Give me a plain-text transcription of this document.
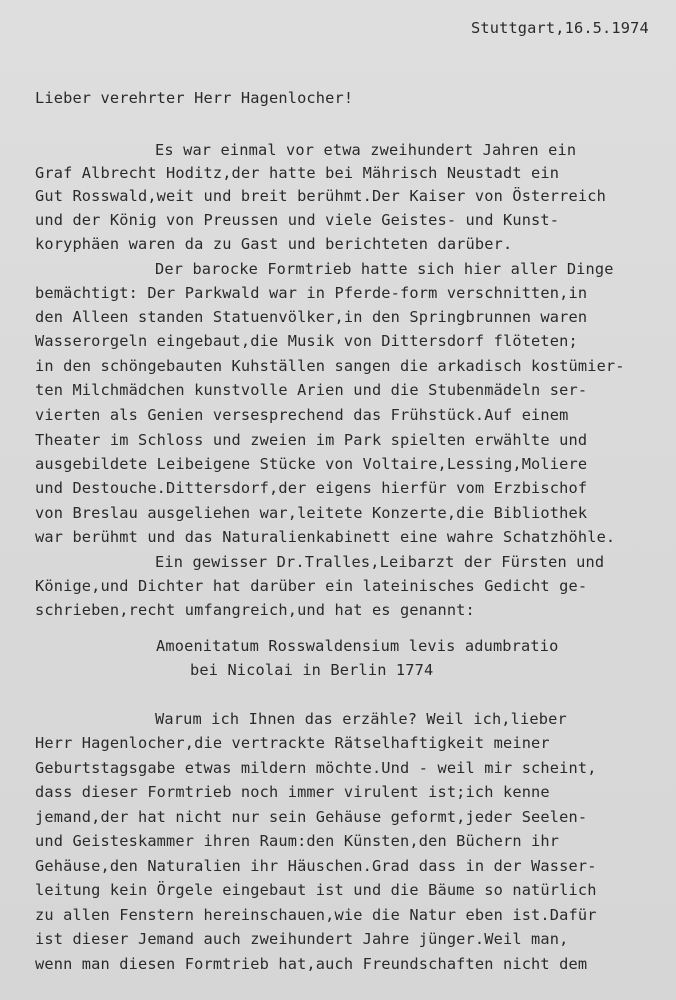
Stuttgart,16.5.1974
Lieber verehrter Herr Hagenlocher!
Es war einmal vor etwa zweihundert Jahren ein
Graf Albrecht Hoditz,der hatte bei Mährisch Neustadt ein
Gut Rosswald,weit und breit berühmt.Der Kaiser von Österreich
und der König von Preussen und viele Geistes- und Kunst-
koryphäen waren da zu Gast und berichteten darüber.
Der barocke Formtrieb hatte sich hier aller Dinge
bemächtigt: Der Parkwald war in Pferde-form verschnitten,in
den Alleen standen Statuenvölker,in den Springbrunnen waren
Wasserorgeln eingebaut,die Musik von Dittersdorf flöteten;
in den schöngebauten Kuhställen sangen die arkadisch kostümier-
ten Milchmädchen kunstvolle Arien und die Stubenmädeln ser-
vierten als Genien versesprechend das Frühstück.Auf einem
Theater im Schloss und zweien im Park spielten erwählte und
ausgebildete Leibeigene Stücke von Voltaire,Lessing,Moliere
und Destouche.Dittersdorf,der eigens hierfür vom Erzbischof
von Breslau ausgeliehen war,leitete Konzerte,die Bibliothek
war berühmt und das Naturalienkabinett eine wahre Schatzhöhle.
Ein gewisser Dr.Tralles,Leibarzt der Fürsten und
Könige,und Dichter hat darüber ein lateinisches Gedicht ge-
schrieben,recht umfangreich,und hat es genannt:
Amoenitatum Rosswaldensium levis adumbratio
bei Nicolai in Berlin 1774
Warum ich Ihnen das erzähle? Weil ich,lieber
Herr Hagenlocher,die vertrackte Rätselhaftigkeit meiner
Geburtstagsgabe etwas mildern möchte.Und - weil mir scheint,
dass dieser Formtrieb noch immer virulent ist;ich kenne
jemand,der hat nicht nur sein Gehäuse geformt,jeder Seelen-
und Geisteskammer ihren Raum:den Künsten,den Büchern ihr
Gehäuse,den Naturalien ihr Häuschen.Grad dass in der Wasser-
leitung kein Örgele eingebaut ist und die Bäume so natürlich
zu allen Fenstern hereinschauen,wie die Natur eben ist.Dafür
ist dieser Jemand auch zweihundert Jahre jünger.Weil man,
wenn man diesen Formtrieb hat,auch Freundschaften nicht dem
